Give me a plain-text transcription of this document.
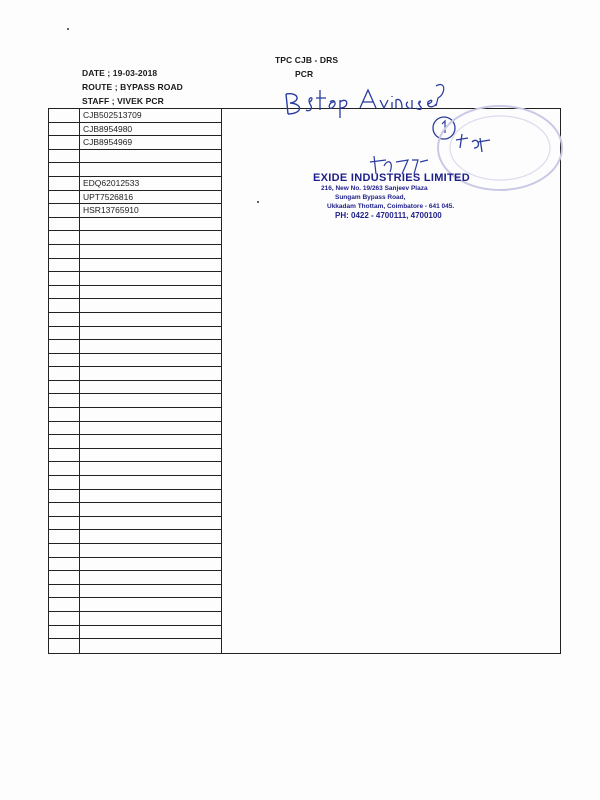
TPC CJB - DRS
PCR
DATE ; 19-03-2018
ROUTE ; BYPASS ROAD
STAFF ; VIVEK PCR
CJB502513709
CJB8954980
CJB8954969
EDQ62012533
UPT7526816
HSR13765910
EXIDE INDUSTRIES LIMITED
216, New No. 19/263 Sanjeev Plaza
Sungam Bypass Road,
Ukkadam Thottam, Coimbatore - 641 045.
PH: 0422 - 4700111, 4700100
